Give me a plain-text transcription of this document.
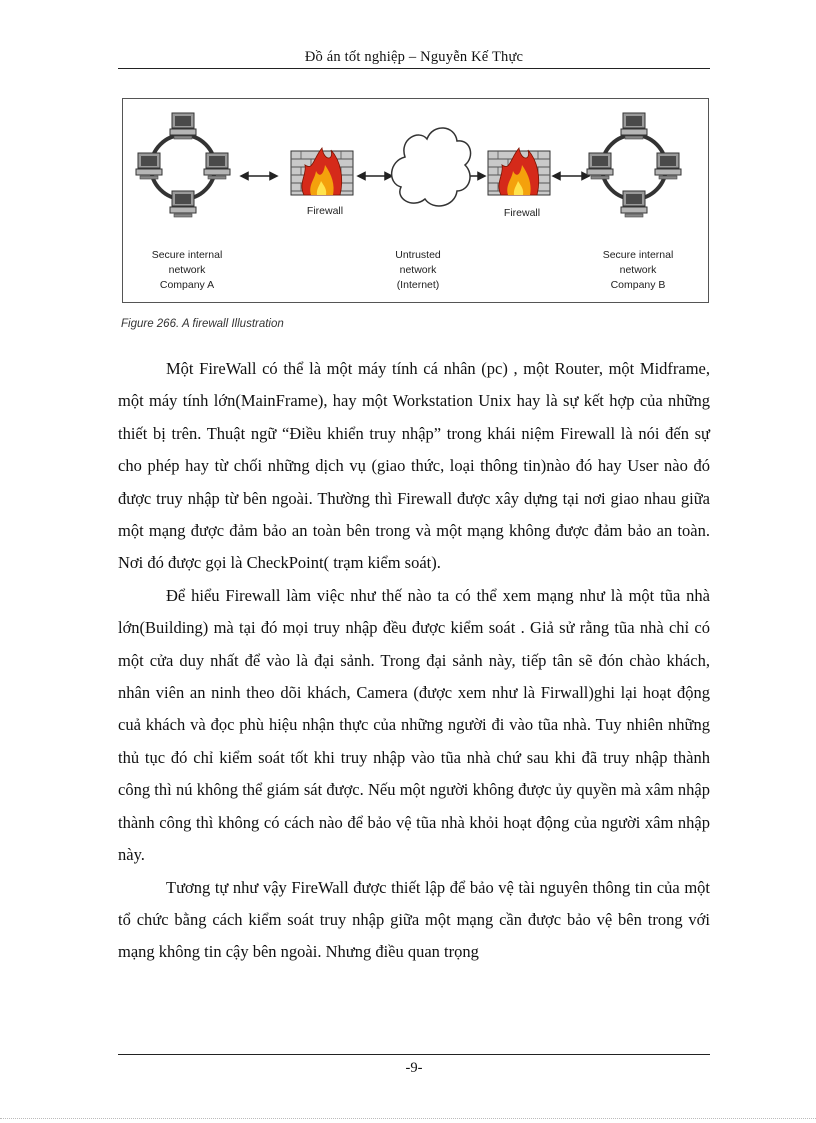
Đồ án tốt nghiệp – Nguyễn Kế Thực
Firewall	Firewall
Secure internal
network
Company A
Untrusted
network
(Internet)
Secure internal
network
Company B
Figure 266. A firewall Illustration

Một FireWall có thể là một máy tính cá nhân (pc) , một Router, một Midframe, một máy tính lớn(MainFrame), hay một Workstation Unix hay là sự kết hợp của những thiết bị trên. Thuật ngữ “Điều khiển truy nhập” trong khái niệm Firewall là nói đến sự cho phép hay từ chối những dịch vụ (giao thức, loại thông tin)nào đó hay User nào đó được truy nhập từ bên ngoài. Thường thì Firewall được xây dựng tại nơi giao nhau giữa một mạng được đảm bảo an toàn bên trong và một mạng không được đảm bảo an toàn. Nơi đó được gọi là CheckPoint( trạm kiểm soát).

Để hiểu Firewall làm việc như thế nào ta có thể xem mạng như là một tũa nhà lớn(Building) mà tại đó mọi truy nhập đều được kiểm soát . Giả sử rằng tũa nhà chỉ có một cửa duy nhất để vào là đại sảnh. Trong đại sảnh này, tiếp tân sẽ đón chào khách, nhân viên an ninh theo dõi khách, Camera (được xem như là Firwall)ghi lại hoạt động cuả khách và đọc phù hiệu nhận thực của những người đi vào tũa nhà. Tuy nhiên những thủ tục đó chỉ kiểm soát tốt khi truy nhập vào tũa nhà chứ sau khi đã truy nhập thành công thì nú không thể giám sát được. Nếu một người không được ủy quyền mà xâm nhập thành công thì không có cách nào để bảo vệ tũa nhà khỏi hoạt động của người xâm nhập này.

Tương tự như vậy FireWall được thiết lập để bảo vệ tài nguyên thông tin của một tổ chức bằng cách kiểm soát truy nhập giữa một mạng cần được bảo vệ bên trong với mạng không tin cậy bên ngoài. Nhưng điều quan trọng

-9-
